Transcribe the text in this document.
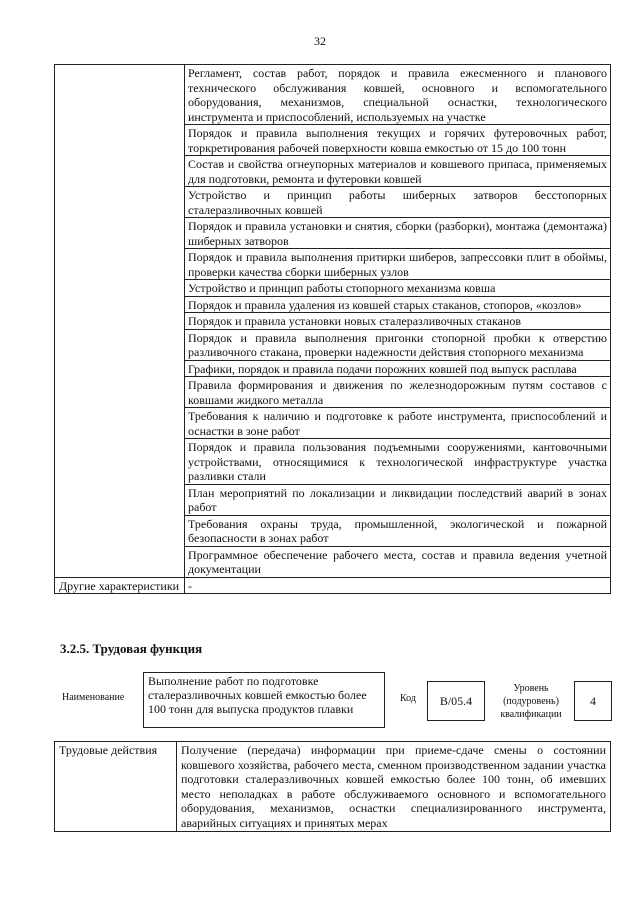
32
	Регламент, состав работ, порядок и правила ежесменного и планового технического обслуживания ковшей, основного и вспомогательного оборудования, механизмов, специальной оснастки, технологического инструмента и приспособлений, используемых на участке
	Порядок и правила выполнения текущих и горячих футеровочных работ, торкретирования рабочей поверхности ковша емкостью от 15 до 100 тонн
	Состав и свойства огнеупорных материалов и ковшевого припаса, применяемых для подготовки, ремонта и футеровки ковшей
	Устройство и принцип работы шиберных затворов бесстопорных сталеразливочных ковшей
	Порядок и правила установки и снятия, сборки (разборки), монтажа (демонтажа) шиберных затворов
	Порядок и правила выполнения притирки шиберов, запрессовки плит в обоймы, проверки качества сборки шиберных узлов
	Устройство и принцип работы стопорного механизма ковша
	Порядок и правила удаления из ковшей старых стаканов, стопоров, «козлов»
	Порядок и правила установки новых сталеразливочных стаканов
	Порядок и правила выполнения пригонки стопорной пробки к отверстию разливочного стакана, проверки надежности действия стопорного механизма
	Графики, порядок и правила подачи порожних ковшей под выпуск расплава
	Правила формирования и движения по железнодорожным путям составов с ковшами жидкого металла
	Требования к наличию и подготовке к работе инструмента, приспособлений и оснастки в зоне работ
	Порядок и правила пользования подъемными сооружениями, кантовочными устройствами, относящимися к технологической инфраструктуре участка разливки стали
	План мероприятий по локализации и ликвидации последствий аварий в зонах работ
	Требования охраны труда, промышленной, экологической и пожарной безопасности в зонах работ
	Программное обеспечение рабочего места, состав и правила ведения учетной документации
Другие характеристики	-
3.2.5. Трудовая функция
Наименование
Выполнение работ по подготовке сталеразливочных ковшей емкостью более 100 тонн для выпуска продуктов плавки
Код	B/05.4
Уровень (подуровень) квалификации
4
Трудовые действия	Получение (передача) информации при приеме-сдаче смены о состоянии ковшевого хозяйства, рабочего места, сменном производственном задании участка подготовки сталеразливочных ковшей емкостью более 100 тонн, об имевших место неполадках в работе обслуживаемого основного и вспомогательного оборудования, механизмов, оснастки специализированного инструмента, аварийных ситуациях и принятых мерах
